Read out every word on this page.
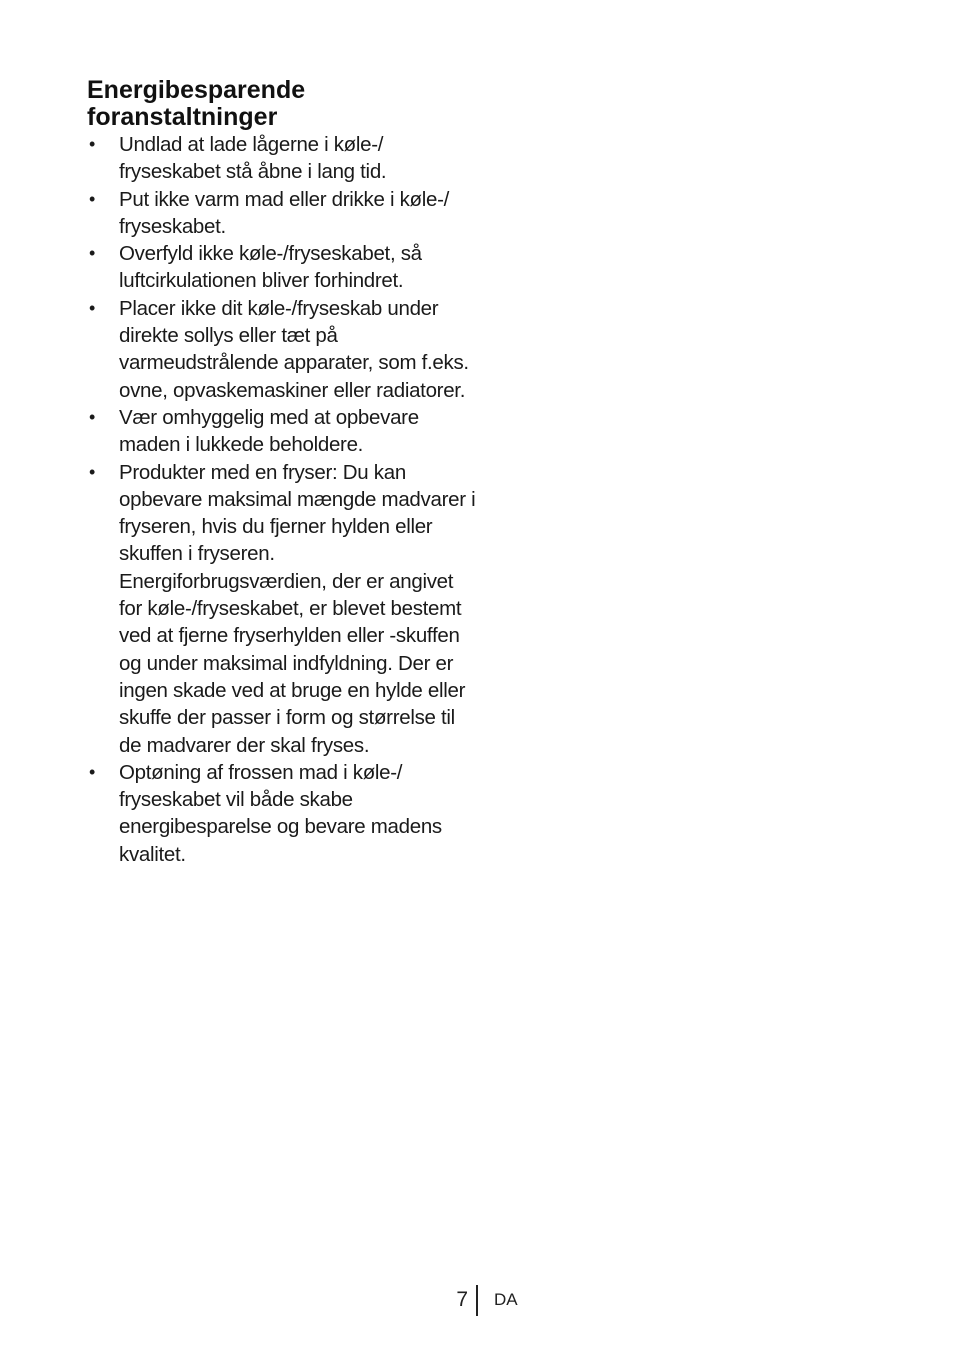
Energibesparende foranstaltninger
• Undlad at lade lågerne i køle-/ fryseskabet stå åbne i lang tid.
• Put ikke varm mad eller drikke i køle-/ fryseskabet.
• Overfyld ikke køle-/fryseskabet, så luftcirkulationen bliver forhindret.
• Placer ikke dit køle-/fryseskab under direkte sollys eller tæt på varmeudstrålende apparater, som f.eks. ovne, opvaskemaskiner eller radiatorer.
• Vær omhyggelig med at opbevare maden i lukkede beholdere.
• Produkter med en fryser: Du kan opbevare maksimal mængde madvarer i fryseren, hvis du fjerner hylden eller skuffen i fryseren. Energiforbrugsværdien, der er angivet for køle-/fryseskabet, er blevet bestemt ved at fjerne fryserhylden eller -skuffen og under maksimal indfyldning. Der er ingen skade ved at bruge en hylde eller skuffe der passer i form og størrelse til de madvarer der skal fryses.
• Optøning af frossen mad i køle-/ fryseskabet vil både skabe energibesparelse og bevare madens kvalitet.
7 DA
